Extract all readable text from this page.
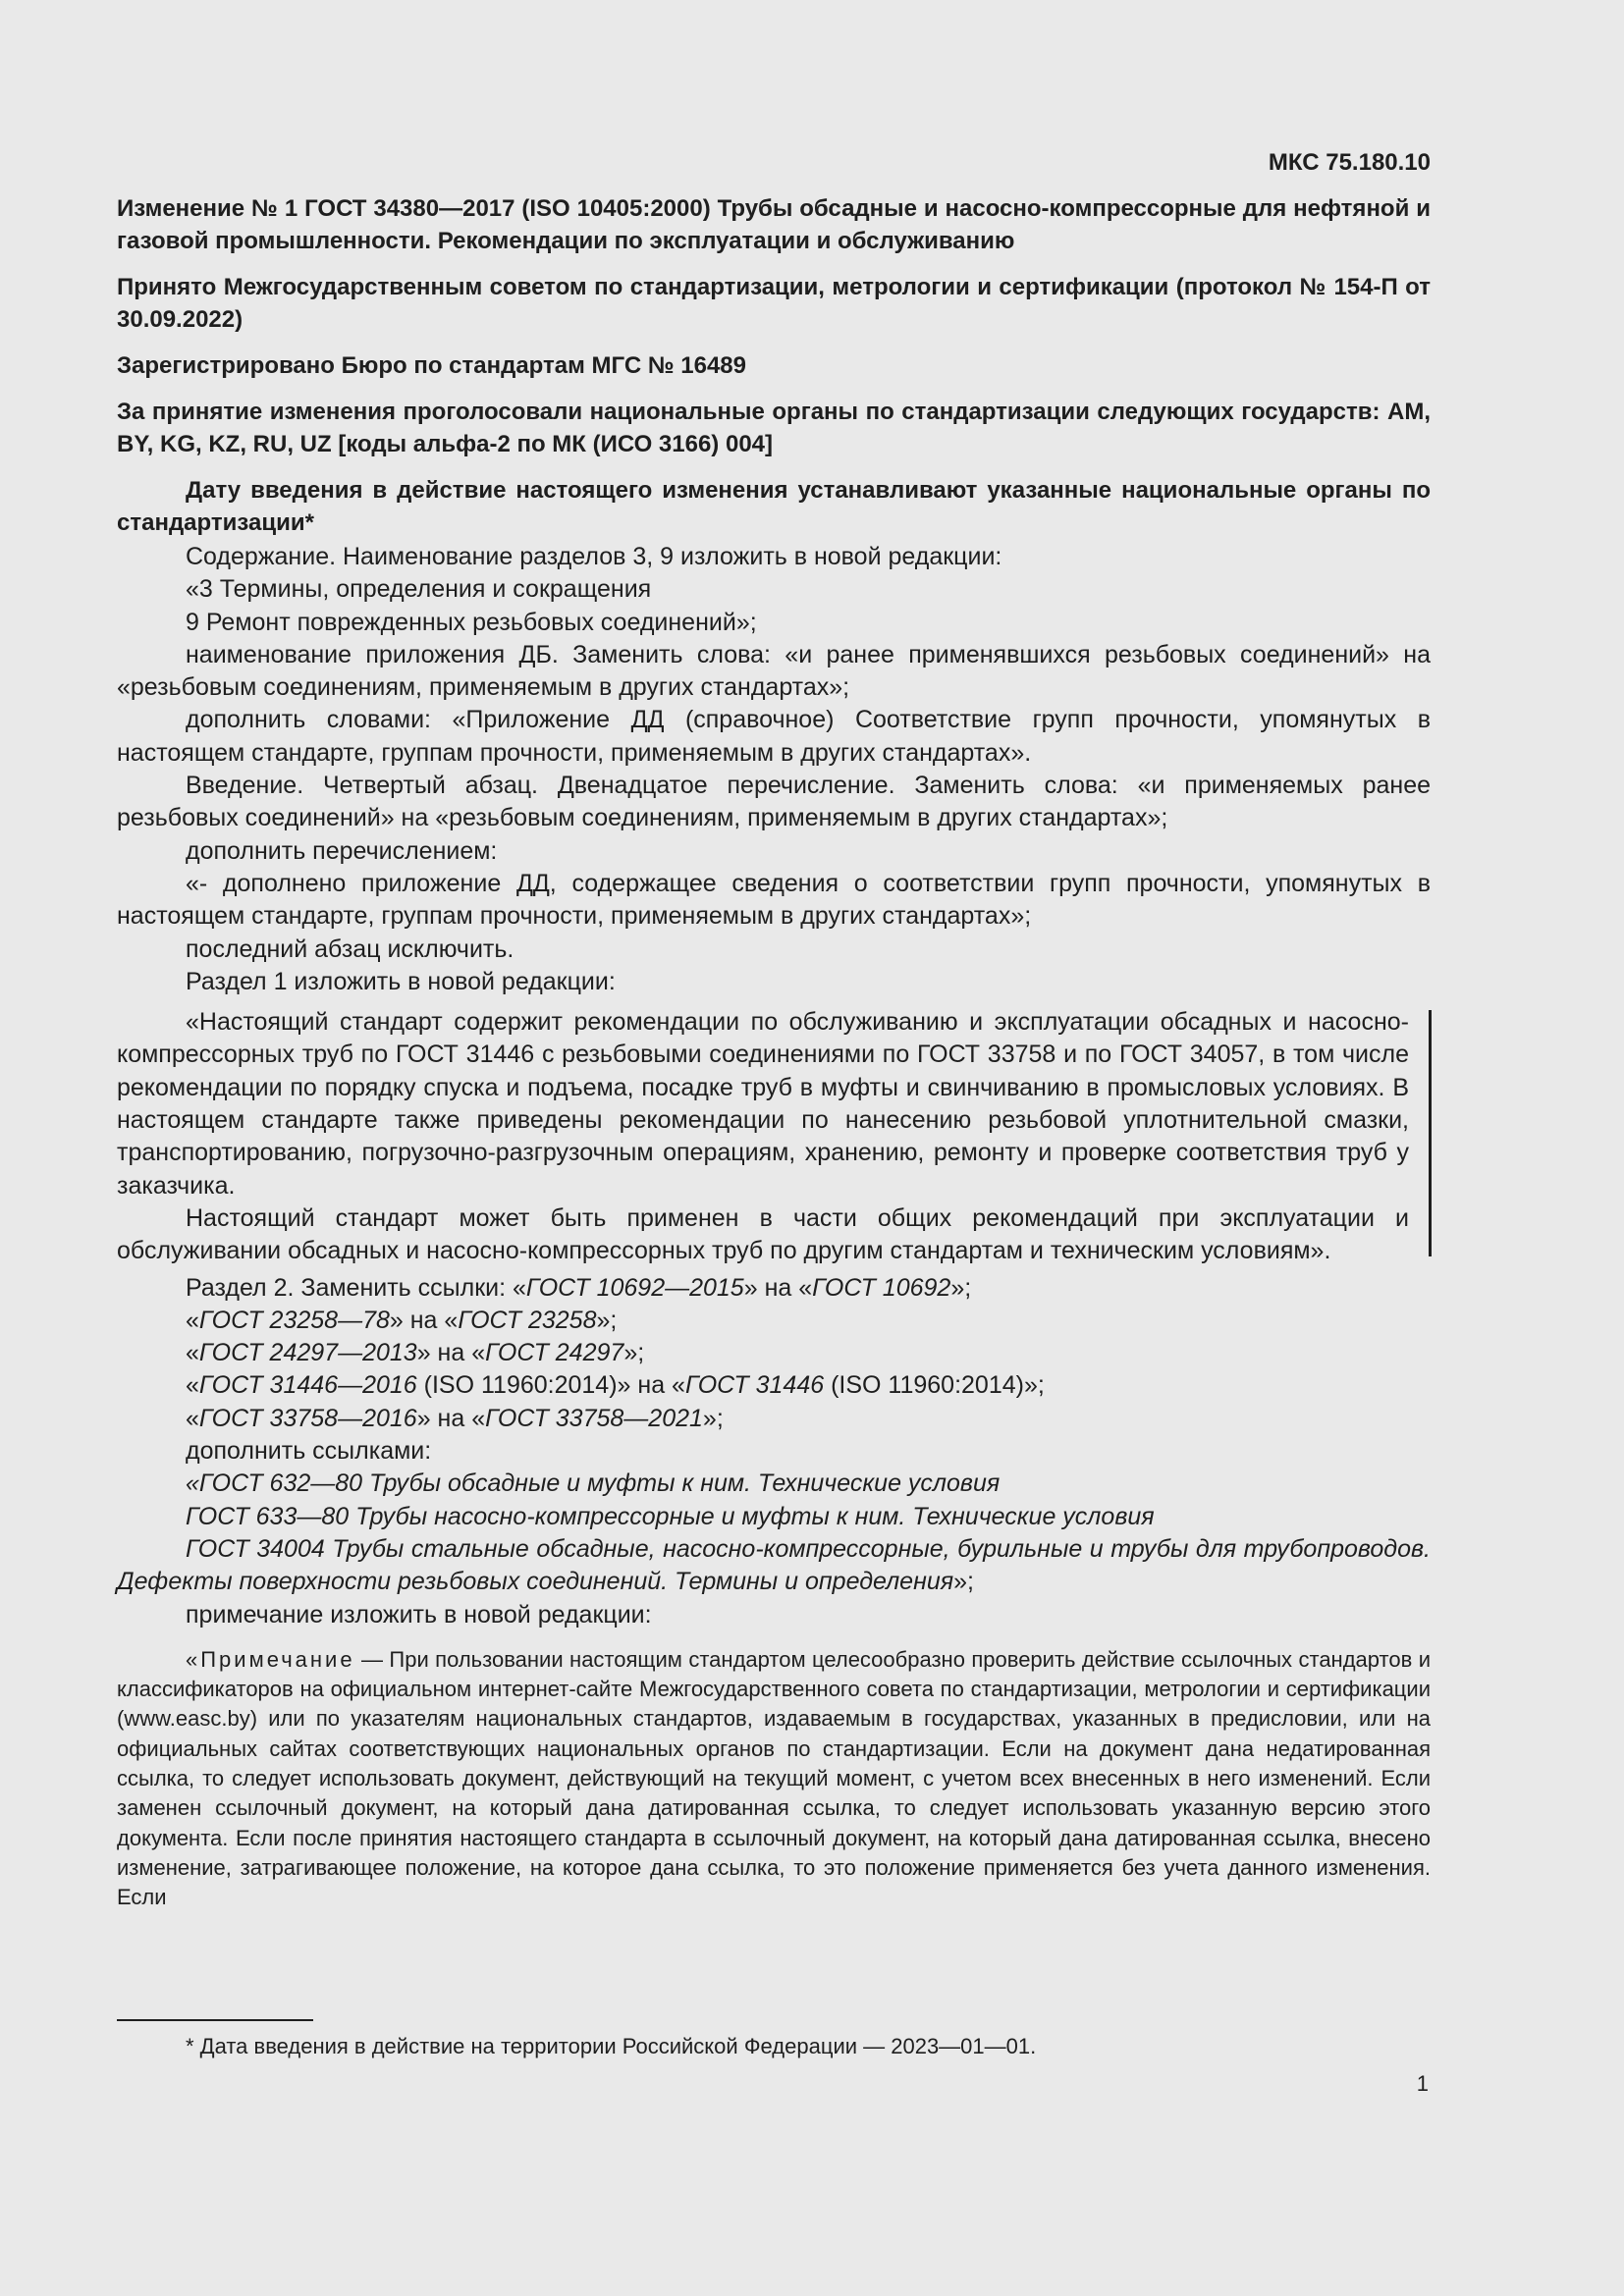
МКС 75.180.10
Изменение № 1 ГОСТ 34380—2017 (ISO 10405:2000) Трубы обсадные и насосно-компрессорные для нефтяной и газовой промышленности. Рекомендации по эксплуатации и обслуживанию
Принято Межгосударственным советом по стандартизации, метрологии и сертификации (протокол № 154-П от 30.09.2022)
Зарегистрировано Бюро по стандартам МГС № 16489
За принятие изменения проголосовали национальные органы по стандартизации следующих государств: AM, BY, KG, KZ, RU, UZ [коды альфа-2 по МК (ИСО 3166) 004]
Дату введения в действие настоящего изменения устанавливают указанные национальные органы по стандартизации*

Содержание. Наименование разделов 3, 9 изложить в новой редакции:

«3 Термины, определения и сокращения

9 Ремонт поврежденных резьбовых соединений»;

наименование приложения ДБ. Заменить слова: «и ранее применявшихся резьбовых соединений» на «резьбовым соединениям, применяемым в других стандартах»;

дополнить словами: «Приложение ДД (справочное) Соответствие групп прочности, упомянутых в настоящем стандарте, группам прочности, применяемым в других стандартах».

Введение. Четвертый абзац. Двенадцатое перечисление. Заменить слова: «и применяемых ранее резьбовых соединений» на «резьбовым соединениям, применяемым в других стандартах»;

дополнить перечислением:

«- дополнено приложение ДД, содержащее сведения о соответствии групп прочности, упомянутых в настоящем стандарте, группам прочности, применяемым в других стандартах»;

последний абзац исключить.

Раздел 1 изложить в новой редакции:

«Настоящий стандарт содержит рекомендации по обслуживанию и эксплуатации обсадных и насосно-компрессорных труб по ГОСТ 31446 с резьбовыми соединениями по ГОСТ 33758 и по ГОСТ 34057, в том числе рекомендации по порядку спуска и подъема, посадке труб в муфты и свинчиванию в промысловых условиях. В настоящем стандарте также приведены рекомендации по нанесению резьбовой уплотнительной смазки, транспортированию, погрузочно-разгрузочным операциям, хранению, ремонту и проверке соответствия труб у заказчика.

Настоящий стандарт может быть применен в части общих рекомендаций при эксплуатации и обслуживании обсадных и насосно-компрессорных труб по другим стандартам и техническим условиям».

Раздел 2. Заменить ссылки: «ГОСТ 10692—2015» на «ГОСТ 10692»;

«ГОСТ 23258—78» на «ГОСТ 23258»;

«ГОСТ 24297—2013» на «ГОСТ 24297»;

«ГОСТ 31446—2016 (ISO 11960:2014)» на «ГОСТ 31446 (ISO 11960:2014)»;

«ГОСТ 33758—2016» на «ГОСТ 33758—2021»;

дополнить ссылками:

«ГОСТ 632—80 Трубы обсадные и муфты к ним. Технические условия

ГОСТ 633—80 Трубы насосно-компрессорные и муфты к ним. Технические условия

ГОСТ 34004 Трубы стальные обсадные, насосно-компрессорные, бурильные и трубы для трубопроводов. Дефекты поверхности резьбовых соединений. Термины и определения»;

примечание изложить в новой редакции:

«Примечание — При пользовании настоящим стандартом целесообразно проверить действие ссылочных стандартов и классификаторов на официальном интернет-сайте Межгосударственного совета по стандартизации, метрологии и сертификации (www.easc.by) или по указателям национальных стандартов, издаваемым в государствах, указанных в предисловии, или на официальных сайтах соответствующих национальных органов по стандартизации. Если на документ дана недатированная ссылка, то следует использовать документ, действующий на текущий момент, с учетом всех внесенных в него изменений. Если заменен ссылочный документ, на который дана датированная ссылка, то следует использовать указанную версию этого документа. Если после принятия настоящего стандарта в ссылочный документ, на который дана датированная ссылка, внесено изменение, затрагивающее положение, на которое дана ссылка, то это положение применяется без учета данного изменения. Если

* Дата введения в действие на территории Российской Федерации — 2023—01—01.
1
